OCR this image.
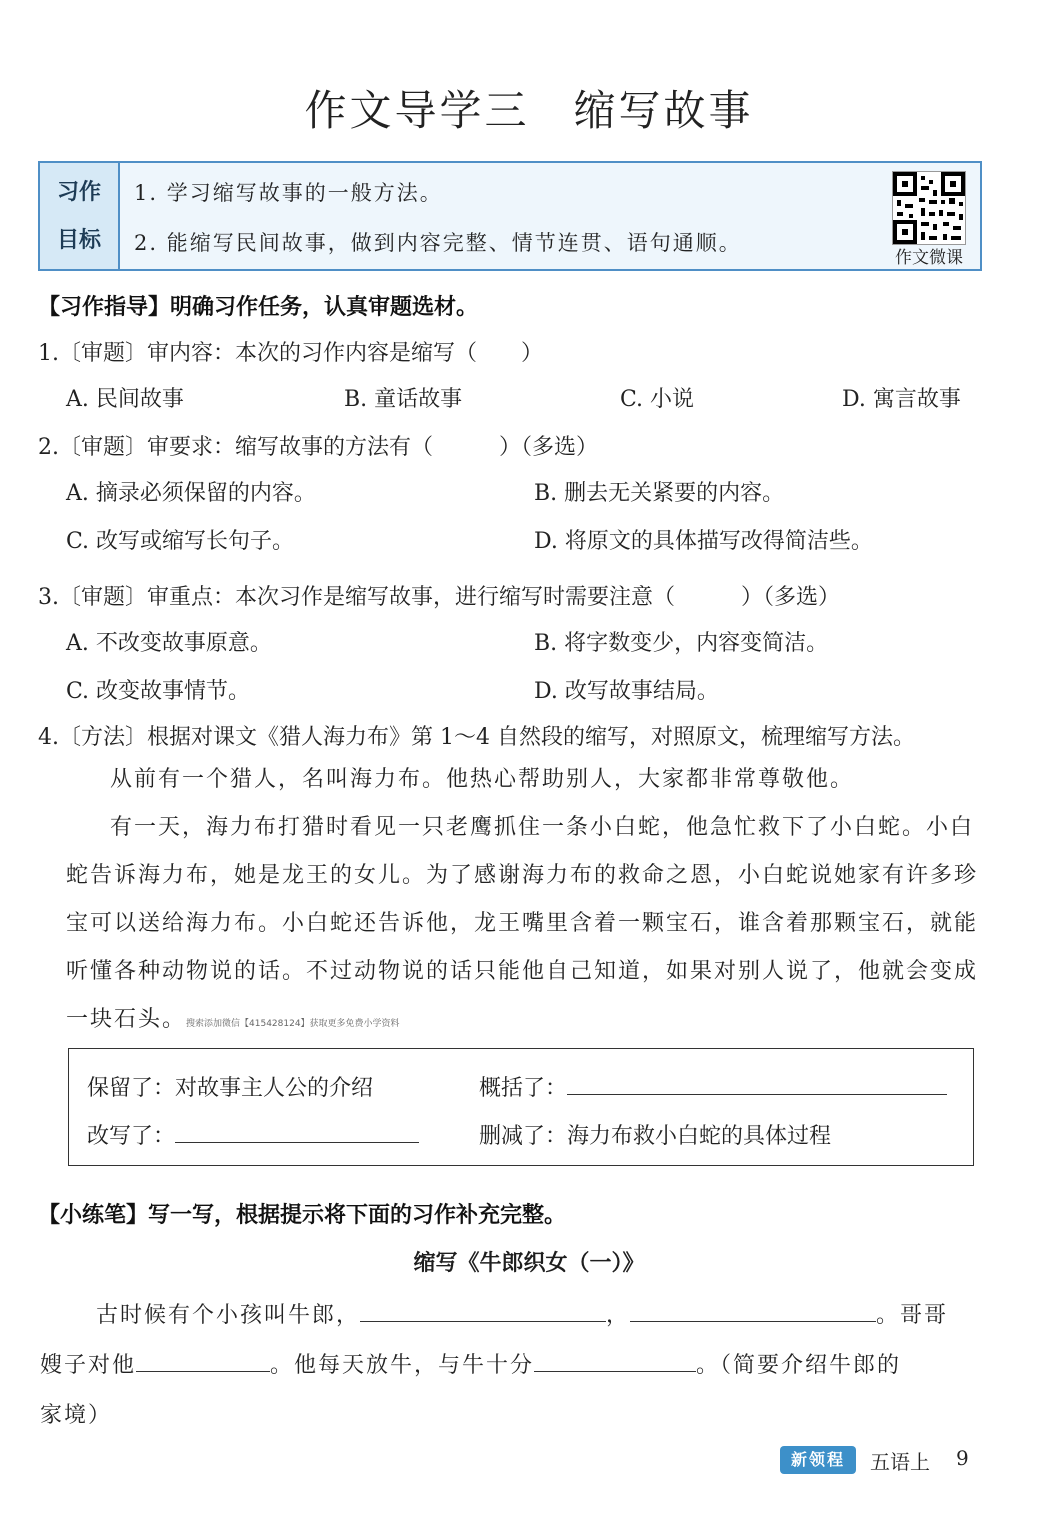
作文导学三 缩写故事
习作
目标
1. 学习缩写故事的一般方法。
2. 能缩写民间故事，做到内容完整、情节连贯、语句通顺。
作文微课
【习作指导】明确习作任务，认真审题选材。
1.〔审题〕审内容：本次的习作内容是缩写（　　）
A. 民间故事	B. 童话故事	C. 小说	D. 寓言故事
2.〔审题〕审要求：缩写故事的方法有（　　　）（多选）
A. 摘录必须保留的内容。	B. 删去无关紧要的内容。
C. 改写或缩写长句子。	D. 将原文的具体描写改得简洁些。
3.〔审题〕审重点：本次习作是缩写故事，进行缩写时需要注意（　　　）（多选）
A. 不改变故事原意。	B. 将字数变少，内容变简洁。
C. 改变故事情节。	D. 改写故事结局。
4.〔方法〕根据对课文《猎人海力布》第 1～4 自然段的缩写，对照原文，梳理缩写方法。

从前有一个猎人，名叫海力布。他热心帮助别人，大家都非常尊敬他。

有一天，海力布打猎时看见一只老鹰抓住一条小白蛇，他急忙救下了小白蛇。小白蛇告诉海力布，她是龙王的女儿。为了感谢海力布的救命之恩，小白蛇说她家有许多珍宝可以送给海力布。小白蛇还告诉他，龙王嘴里含着一颗宝石，谁含着那颗宝石，就能听懂各种动物说的话。不过动物说的话只能他自己知道，如果对别人说了，他就会变成一块石头。搜索添加微信【415428124】获取更多免费小学资料

保留了：对故事主人公的介绍	概括了：
改写了：	删减了：海力布救小白蛇的具体过程
【小练笔】写一写，根据提示将下面的习作补充完整。
缩写《牛郎织女（一）》
古时候有个小孩叫牛郎，	，	。哥哥
嫂子对他	。他每天放牛，与牛十分	。（简要介绍牛郎的
家境）
新领程	五语上 9
